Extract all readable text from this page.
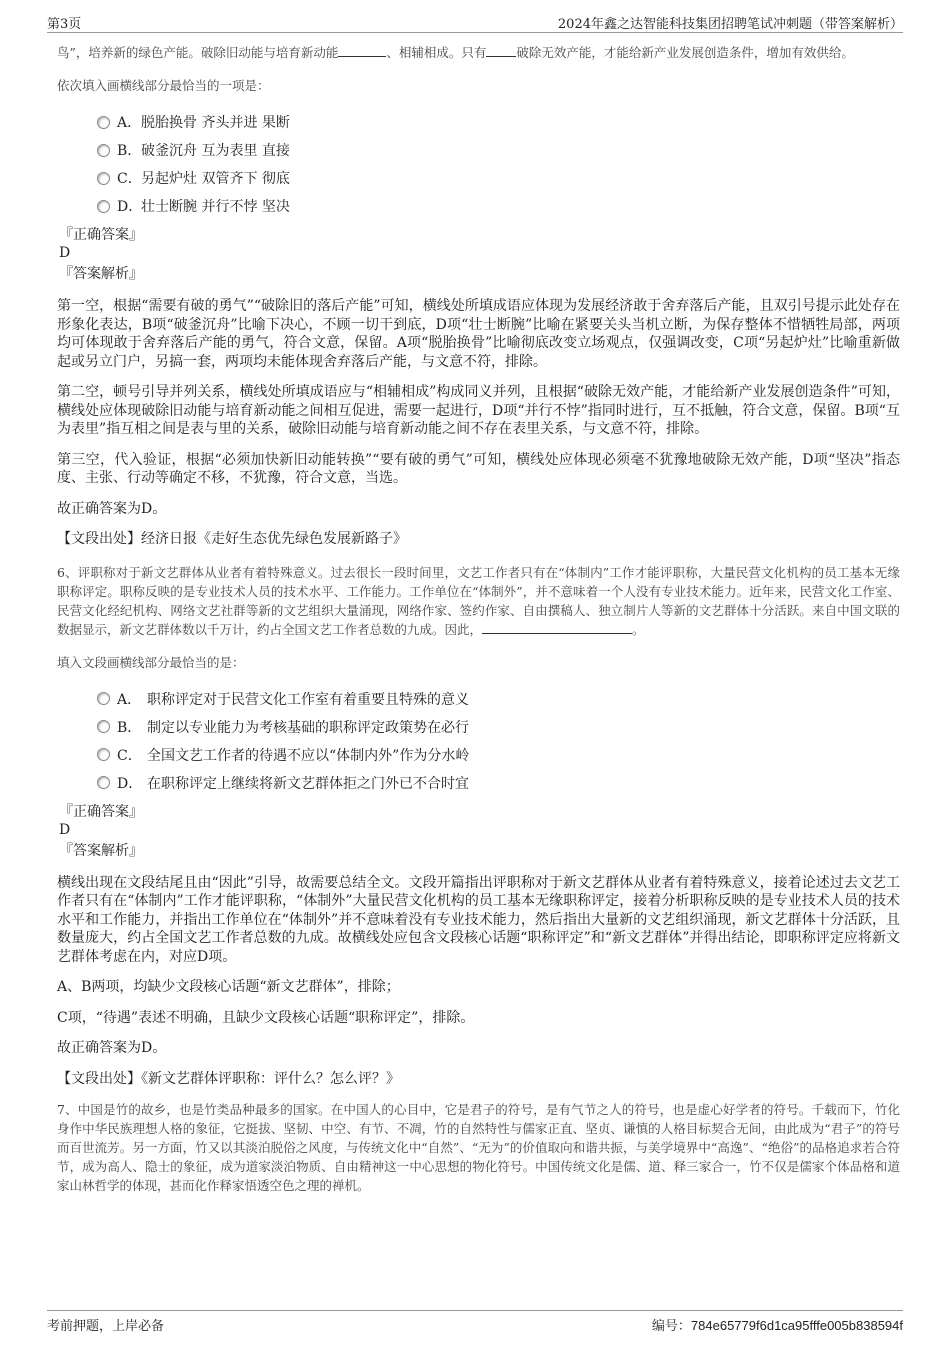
第3页	2024年鑫之达智能科技集团招聘笔试冲刺题（带答案解析）

鸟”，培养新的绿色产能。破除旧动能与培育新动能	、相辅相成。只有 破除无效产能，才能给新产业发展创造条件，增加有效供给。

依次填入画横线部分最恰当的一项是：

A． 脱胎换骨 齐头并进 果断
B． 破釜沉舟 互为表里 直接
C． 另起炉灶 双管齐下 彻底
D．
壮士断腕 并行不悖 坚决
『正确答案』
D
『答案解析』

第一空，根据“需要有破的勇气”“破除旧的落后产能”可知，横线处所填成语应体现为发展经济敢于舍弃落后产能，且双引号提示此处存在形象化表达，B项“破釜沉舟”比喻下决心，不顾一切干到底，D项“壮士断腕”比喻在紧要关头当机立断，为保存整体不惜牺牲局部，两项均可体现敢于舍弃落后产能的勇气，符合文意，保留。A项“脱胎换骨”比喻彻底改变立场观点，仅强调改变，C项“另起炉灶”比喻重新做起或另立门户，另搞一套，两项均未能体现舍弃落后产能，与文意不符，排除。

第二空，顿号引导并列关系，横线处所填成语应与“相辅相成”构成同义并列，且根据“破除无效产能，才能给新产业发展创造条件”可知，横线处应体现破除旧动能与培育新动能之间相互促进，需要一起进行，D项“并行不悖”指同时进行，互不抵触，符合文意，保留。B项“互为表里”指互相之间是表与里的关系，破除旧动能与培育新动能之间不存在表里关系，与文意不符，排除。

第三空，代入验证，根据“必须加快新旧动能转换”“要有破的勇气”可知，横线处应体现必须毫不犹豫地破除无效产能，D项“坚决”指态度、主张、行动等确定不移，不犹豫，符合文意，当选。

故正确答案为D。

【文段出处】经济日报《走好生态优先绿色发展新路子》

6、评职称对于新文艺群体从业者有着特殊意义。过去很长一段时间里，文艺工作者只有在“体制内”工作才能评职称，大量民营文化机构的员工基本无缘职称评定。职称反映的是专业技术人员的技术水平、工作能力。工作单位在“体制外”，并不意味着一个人没有专业技术能力。近年来，民营文化工作室、民营文化经纪机构、网络文艺社群等新的文艺组织大量涌现，网络作家、签约作家、自由撰稿人、独立制片人等新的文艺群体十分活跃。来自中国文联的数据显示，新文艺群体数以千万计，约占全国文艺工作者总数的九成。因此，	。

填入文段画横线部分最恰当的是：

A． 职称评定对于民营文化工作室有着重要且特殊的意义
B． 制定以专业能力为考核基础的职称评定政策势在必行
C． 全国文艺工作者的待遇不应以“体制内外”作为分水岭
D． 在职称评定上继续将新文艺群体拒之门外已不合时宜
『正确答案』
D
『答案解析』

横线出现在文段结尾且由“因此”引导，故需要总结全文。文段开篇指出评职称对于新文艺群体从业者有着特殊意义，接着论述过去文艺工作者只有在“体制内”工作才能评职称，“体制外”大量民营文化机构的员工基本无缘职称评定，接着分析职称反映的是专业技术人员的技术水平和工作能力，并指出工作单位在“体制外”并不意味着没有专业技术能力，然后指出大量新的文艺组织涌现，新文艺群体十分活跃，且数量庞大，约占全国文艺工作者总数的九成。故横线处应包含文段核心话题“职称评定”和“新文艺群体”并得出结论，即职称评定应将新文艺群体考虑在内，对应D项。

A、B两项，均缺少文段核心话题“新文艺群体”，排除；

C项，“待遇”表述不明确，且缺少文段核心话题“职称评定”，排除。

故正确答案为D。

【文段出处】《新文艺群体评职称：评什么？怎么评？》

7、中国是竹的故乡，也是竹类品种最多的国家。在中国人的心目中，它是君子的符号，是有气节之人的符号，也是虚心好学者的符号。千载而下，竹化身作中华民族理想人格的象征，它挺拔、坚韧、中空、有节、不凋，竹的自然特性与儒家正直、坚贞、谦慎的人格目标契合无间，由此成为“君子”的符号而百世流芳。另一方面，竹又以其淡泊脱俗之风度，与传统文化中“自然”、“无为”的价值取向和谐共振，与美学境界中“高逸”、“绝俗”的品格追求若合符节，成为高人、隐士的象征，成为道家淡泊物质、自由精神这一中心思想的物化符号。中国传统文化是儒、道、释三家合一，竹不仅是儒家个体品格和道家山林哲学的体现，甚而化作释家悟透空色之理的禅机。

考前押题，上岸必备	编号：784e65779f6d1ca95fffe005b838594f
